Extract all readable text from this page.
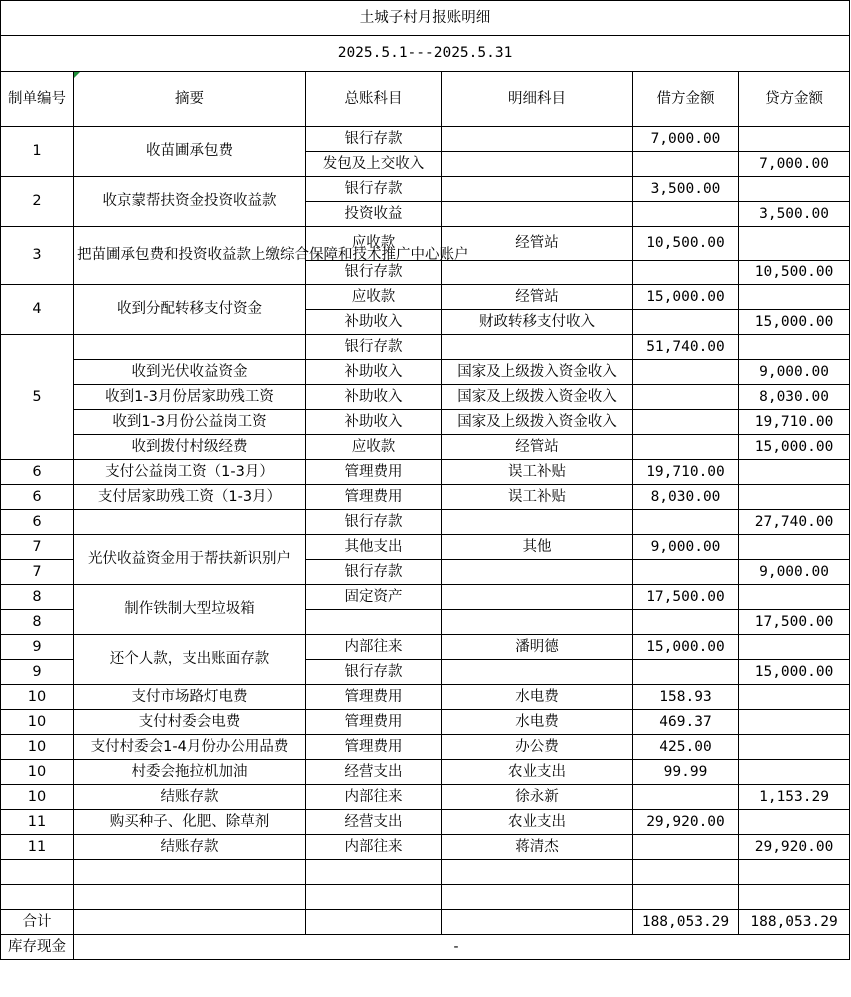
土城子村月报账明细					
2025.5.1---2025.5.31					
制单编号	摘要	总账科目	明细科目	借方金额	贷方金额
1	收苗圃承包费	银行存款		7,000.00	
		发包及上交收入			7,000.00
2	收京蒙帮扶资金投资收益款	银行存款		3,500.00	
		投资收益			3,500.00
3	把苗圃承包费和投资收益款上缴综合保障和技术推广中心账户	应收款	经管站	10,500.00	
		银行存款			10,500.00
4	收到分配转移支付资金	应收款	经管站	15,000.00	
		补助收入	财政转移支付收入		15,000.00
5		银行存款		51,740.00	
	收到光伏收益资金	补助收入	国家及上级拨入资金收入		9,000.00
	收到1-3月份居家助残工资	补助收入	国家及上级拨入资金收入		8,030.00
	收到1-3月份公益岗工资	补助收入	国家及上级拨入资金收入		19,710.00
	收到拨付村级经费	应收款	经管站		15,000.00
6	支付公益岗工资（1-3月）	管理费用	误工补贴	19,710.00	
6	支付居家助残工资（1-3月）	管理费用	误工补贴	8,030.00	
6		银行存款			27,740.00
7	光伏收益资金用于帮扶新识别户	其他支出	其他	9,000.00	
7		银行存款			9,000.00
8	制作铁制大型垃圾箱	固定资产		17,500.00	
8					17,500.00
9	还个人款，支出账面存款	内部往来	潘明德	15,000.00	
9		银行存款			15,000.00
10	支付市场路灯电费	管理费用	水电费	158.93	
10	支付村委会电费	管理费用	水电费	469.37	
10	支付村委会1-4月份办公用品费	管理费用	办公费	425.00	
10	村委会拖拉机加油	经营支出	农业支出	99.99	
10	结账存款	内部往来	徐永新		1,153.29
11	购买种子、化肥、除草剂	经营支出	农业支出	29,920.00	
11	结账存款	内部往来	蒋清杰		29,920.00

合计				188,053.29	188,053.29
库存现金	-				
